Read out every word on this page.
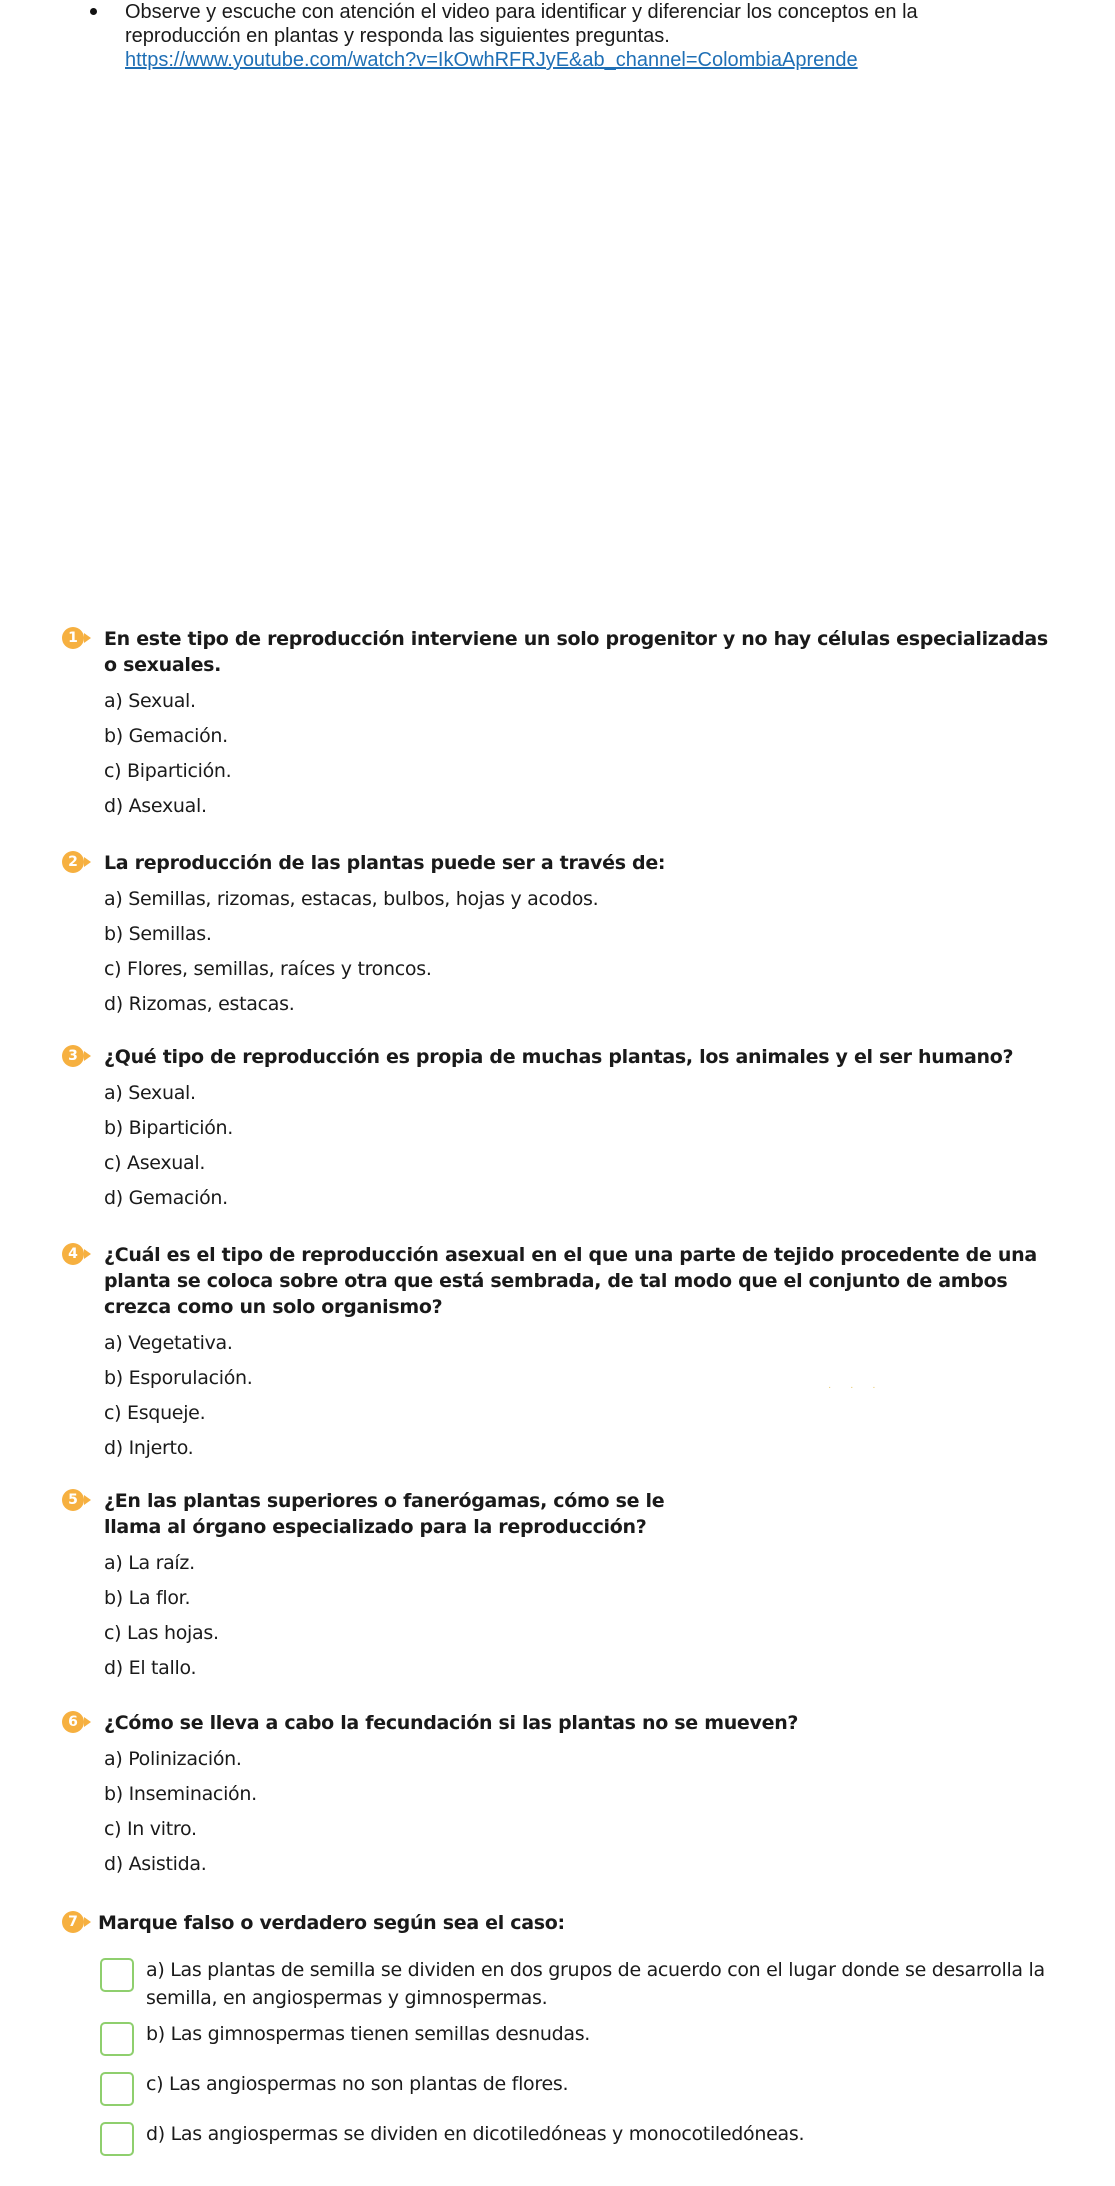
Observe y escuche con atención el video para identificar y diferenciar los conceptos en la reproducción en plantas y responda las siguientes preguntas.

https://www.youtube.com/watch?v=IkOwhRFRJyE&ab_channel=ColombiaAprende
1	En este tipo de reproducción interviene un solo progenitor y no hay células especializadas o sexuales.

a) Sexual.
b) Gemación.
c) Bipartición.
d) Asexual.
2	La reproducción de las plantas puede ser a través de:

a) Semillas, rizomas, estacas, bulbos, hojas y acodos.
b) Semillas.
c) Flores, semillas, raíces y troncos.
d) Rizomas, estacas.
3	¿Qué tipo de reproducción es propia de muchas plantas, los animales y el ser humano?

a) Sexual.
b) Bipartición.
c) Asexual.
d) Gemación.
4	¿Cuál es el tipo de reproducción asexual en el que una parte de tejido procedente de una planta se coloca sobre otra que está sembrada, de tal modo que el conjunto de ambos crezca como un solo organismo?

a) Vegetativa.
b) Esporulación.
c) Esqueje.
d) Injerto.
5	¿En las plantas superiores o fanerógamas, cómo se le llama al órgano especializado para la reproducción?

a) La raíz.
b) La flor.
c) Las hojas.
d) El tallo.
6	¿Cómo se lleva a cabo la fecundación si las plantas no se mueven?

a) Polinización.
b) Inseminación.
c) In vitro.
d) Asistida.
7	Marque falso o verdadero según sea el caso:

a) Las plantas de semilla se dividen en dos grupos de acuerdo con el lugar donde se desarrolla la semilla, en angiospermas y gimnospermas.
b) Las gimnospermas tienen semillas desnudas.
c) Las angiospermas no son plantas de flores.
d) Las angiospermas se dividen en dicotiledóneas y monocotiledóneas.
· · ·
